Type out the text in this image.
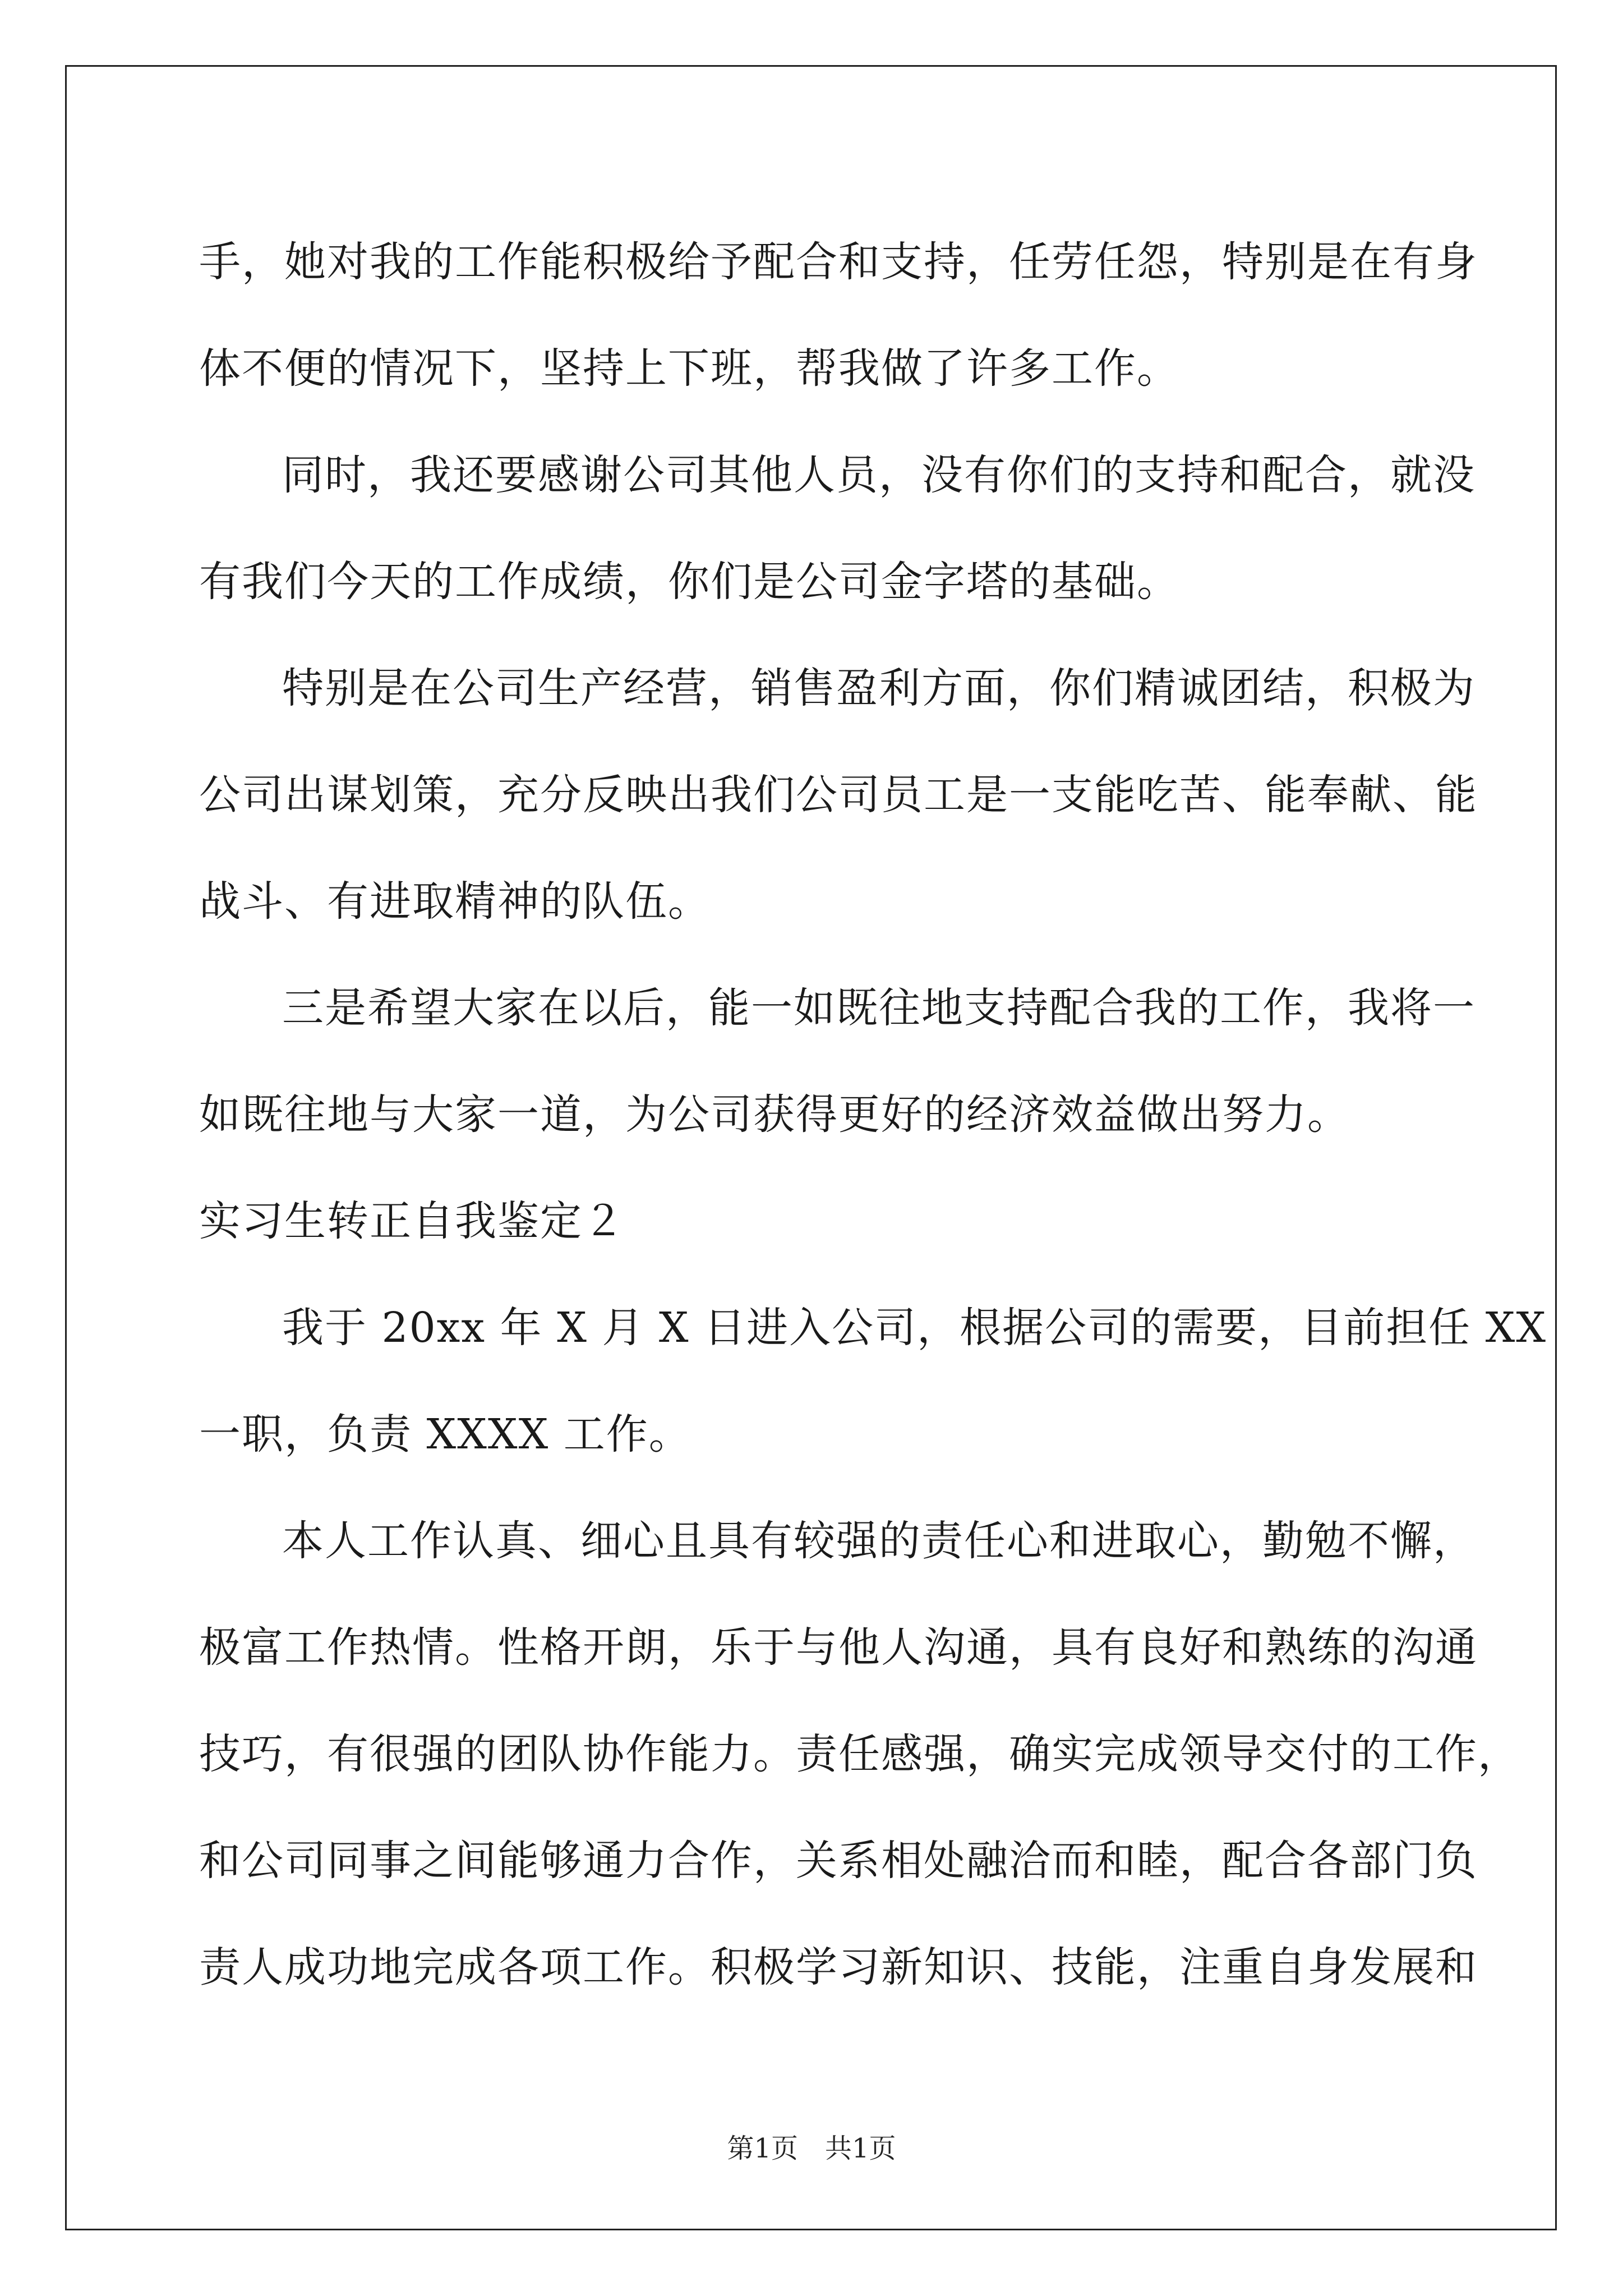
手，她对我的工作能积极给予配合和支持，任劳任怨，特别是在有身
体不便的情况下，坚持上下班，帮我做了许多工作。
同时，我还要感谢公司其他人员，没有你们的支持和配合，就没
有我们今天的工作成绩，你们是公司金字塔的基础。
特别是在公司生产经营，销售盈利方面，你们精诚团结，积极为
公司出谋划策，充分反映出我们公司员工是一支能吃苦、能奉献、能
战斗、有进取精神的队伍。
三是希望大家在以后，能一如既往地支持配合我的工作，我将一
如既往地与大家一道，为公司获得更好的经济效益做出努力。
实习生转正自我鉴定２
我于 20xx 年 X 月 X 日进入公司，根据公司的需要，目前担任 XX
一职，负责 XXXX 工作。
本人工作认真、细心且具有较强的责任心和进取心，勤勉不懈，
极富工作热情。性格开朗，乐于与他人沟通，具有良好和熟练的沟通
技巧，有很强的团队协作能力。责任感强，确实完成领导交付的工作，
和公司同事之间能够通力合作，关系相处融洽而和睦，配合各部门负
责人成功地完成各项工作。积极学习新知识、技能，注重自身发展和
第1页　共1页
